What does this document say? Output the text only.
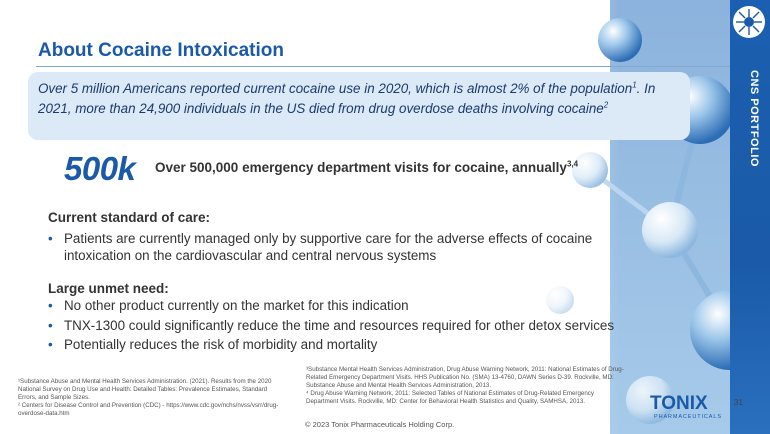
CNS PORTFOLIO
About Cocaine Intoxication
Over 5 million Americans reported current cocaine use in 2020, which is almost 2% of the population$^1$. In 2021, more than 24,900 individuals in the US died from drug overdose deaths involving cocaine$^2$
500k Over 500,000 emergency department visits for cocaine, annually$^{3,4}$
Current standard of care:
• Patients are currently managed only by supportive care for the adverse effects of cocaine
intoxication on the cardiovascular and central nervous systems
Large unmet need:
• No other product currently on the market for this indication
• TNX-1300 could significantly reduce the time and resources required for other detox services
• Potentially reduces the risk of morbidity and mortality
¹Substance Abuse and Mental Health Services Administration. (2021). Results from the 2020
National Survey on Drug Use and Health: Detailed Tables: Prevalence Estimates, Standard
Errors, and Sample Sizes.
² Centers for Disease Control and Prevention (CDC) - https://www.cdc.gov/nchs/nvss/vsrr/drug-
overdose-data.htm
³Substance Mental Health Services Administration, Drug Abuse Warning Network, 2011: National Estimates of Drug-
Related Emergency Department Visits. HHS Publication No. (SMA) 13-4760, DAWN Series D-39. Rockville, MD:
Substance Abuse and Mental Health Services Administration, 2013.
⁴ Drug Abuse Warning Network, 2011: Selected Tables of National Estimates of Drug-Related Emergency
Department Visits. Rockville, MD: Center for Behavioral Health Statistics and Quality, SAMHSA, 2013.	TONIX
PHARMACEUTICALS
31
© 2023 Tonix Pharmaceuticals Holding Corp.
